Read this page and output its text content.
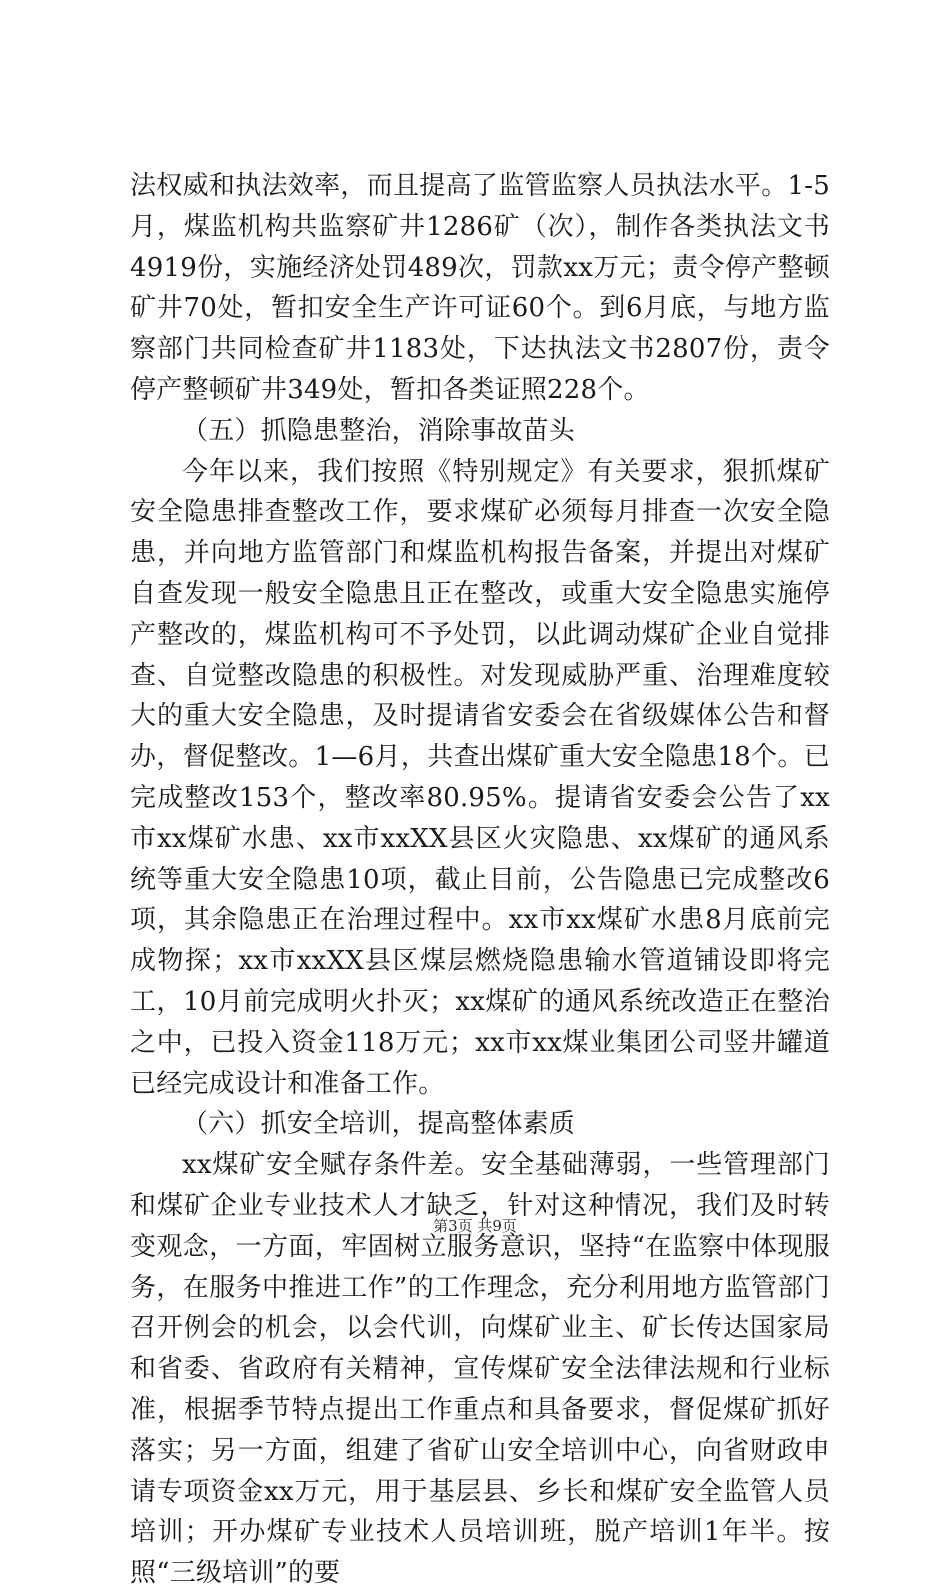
法权威和执法效率，而且提高了监管监察人员执法水平。1-5月，煤监机构共监察矿井1286矿（次），制作各类执法文书4919份，实施经济处罚489次，罚款xx万元；责令停产整顿矿井70处，暂扣安全生产许可证60个。到6月底，与地方监察部门共同检查矿井1183处，下达执法文书2807份，责令停产整顿矿井349处，暂扣各类证照228个。

（五）抓隐患整治，消除事故苗头

今年以来，我们按照《特别规定》有关要求，狠抓煤矿安全隐患排查整改工作，要求煤矿必须每月排查一次安全隐患，并向地方监管部门和煤监机构报告备案，并提出对煤矿自查发现一般安全隐患且正在整改，或重大安全隐患实施停产整改的，煤监机构可不予处罚，以此调动煤矿企业自觉排查、自觉整改隐患的积极性。对发现威胁严重、治理难度较大的重大安全隐患，及时提请省安委会在省级媒体公告和督办，督促整改。1—6月，共查出煤矿重大安全隐患18个。已完成整改153个，整改率80.95%。提请省安委会公告了xx市xx煤矿水患、xx市xxXX县区火灾隐患、xx煤矿的通风系统等重大安全隐患10项，截止目前，公告隐患已完成整改6项，其余隐患正在治理过程中。xx市xx煤矿水患8月底前完成物探；xx市xxXX县区煤层燃烧隐患输水管道铺设即将完工，10月前完成明火扑灭；xx煤矿的通风系统改造正在整治之中，已投入资金118万元；xx市xx煤业集团公司竖井罐道已经完成设计和准备工作。

（六）抓安全培训，提高整体素质

xx煤矿安全赋存条件差。安全基础薄弱，一些管理部门和煤矿企业专业技术人才缺乏，针对这种情况，我们及时转变观念，一方面，牢固树立服务意识，坚持“在监察中体现服务，在服务中推进工作”的工作理念，充分利用地方监管部门召开例会的机会，以会代训，向煤矿业主、矿长传达国家局和省委、省政府有关精神，宣传煤矿安全法律法规和行业标准，根据季节特点提出工作重点和具备要求，督促煤矿抓好落实；另一方面，组建了省矿山安全培训中心，向省财政申请专项资金xx万元，用于基层县、乡长和煤矿安全监管人员培训；开办煤矿专业技术人员培训班，脱产培训1年半。按照“三级培训”的要

第3页 共9页
